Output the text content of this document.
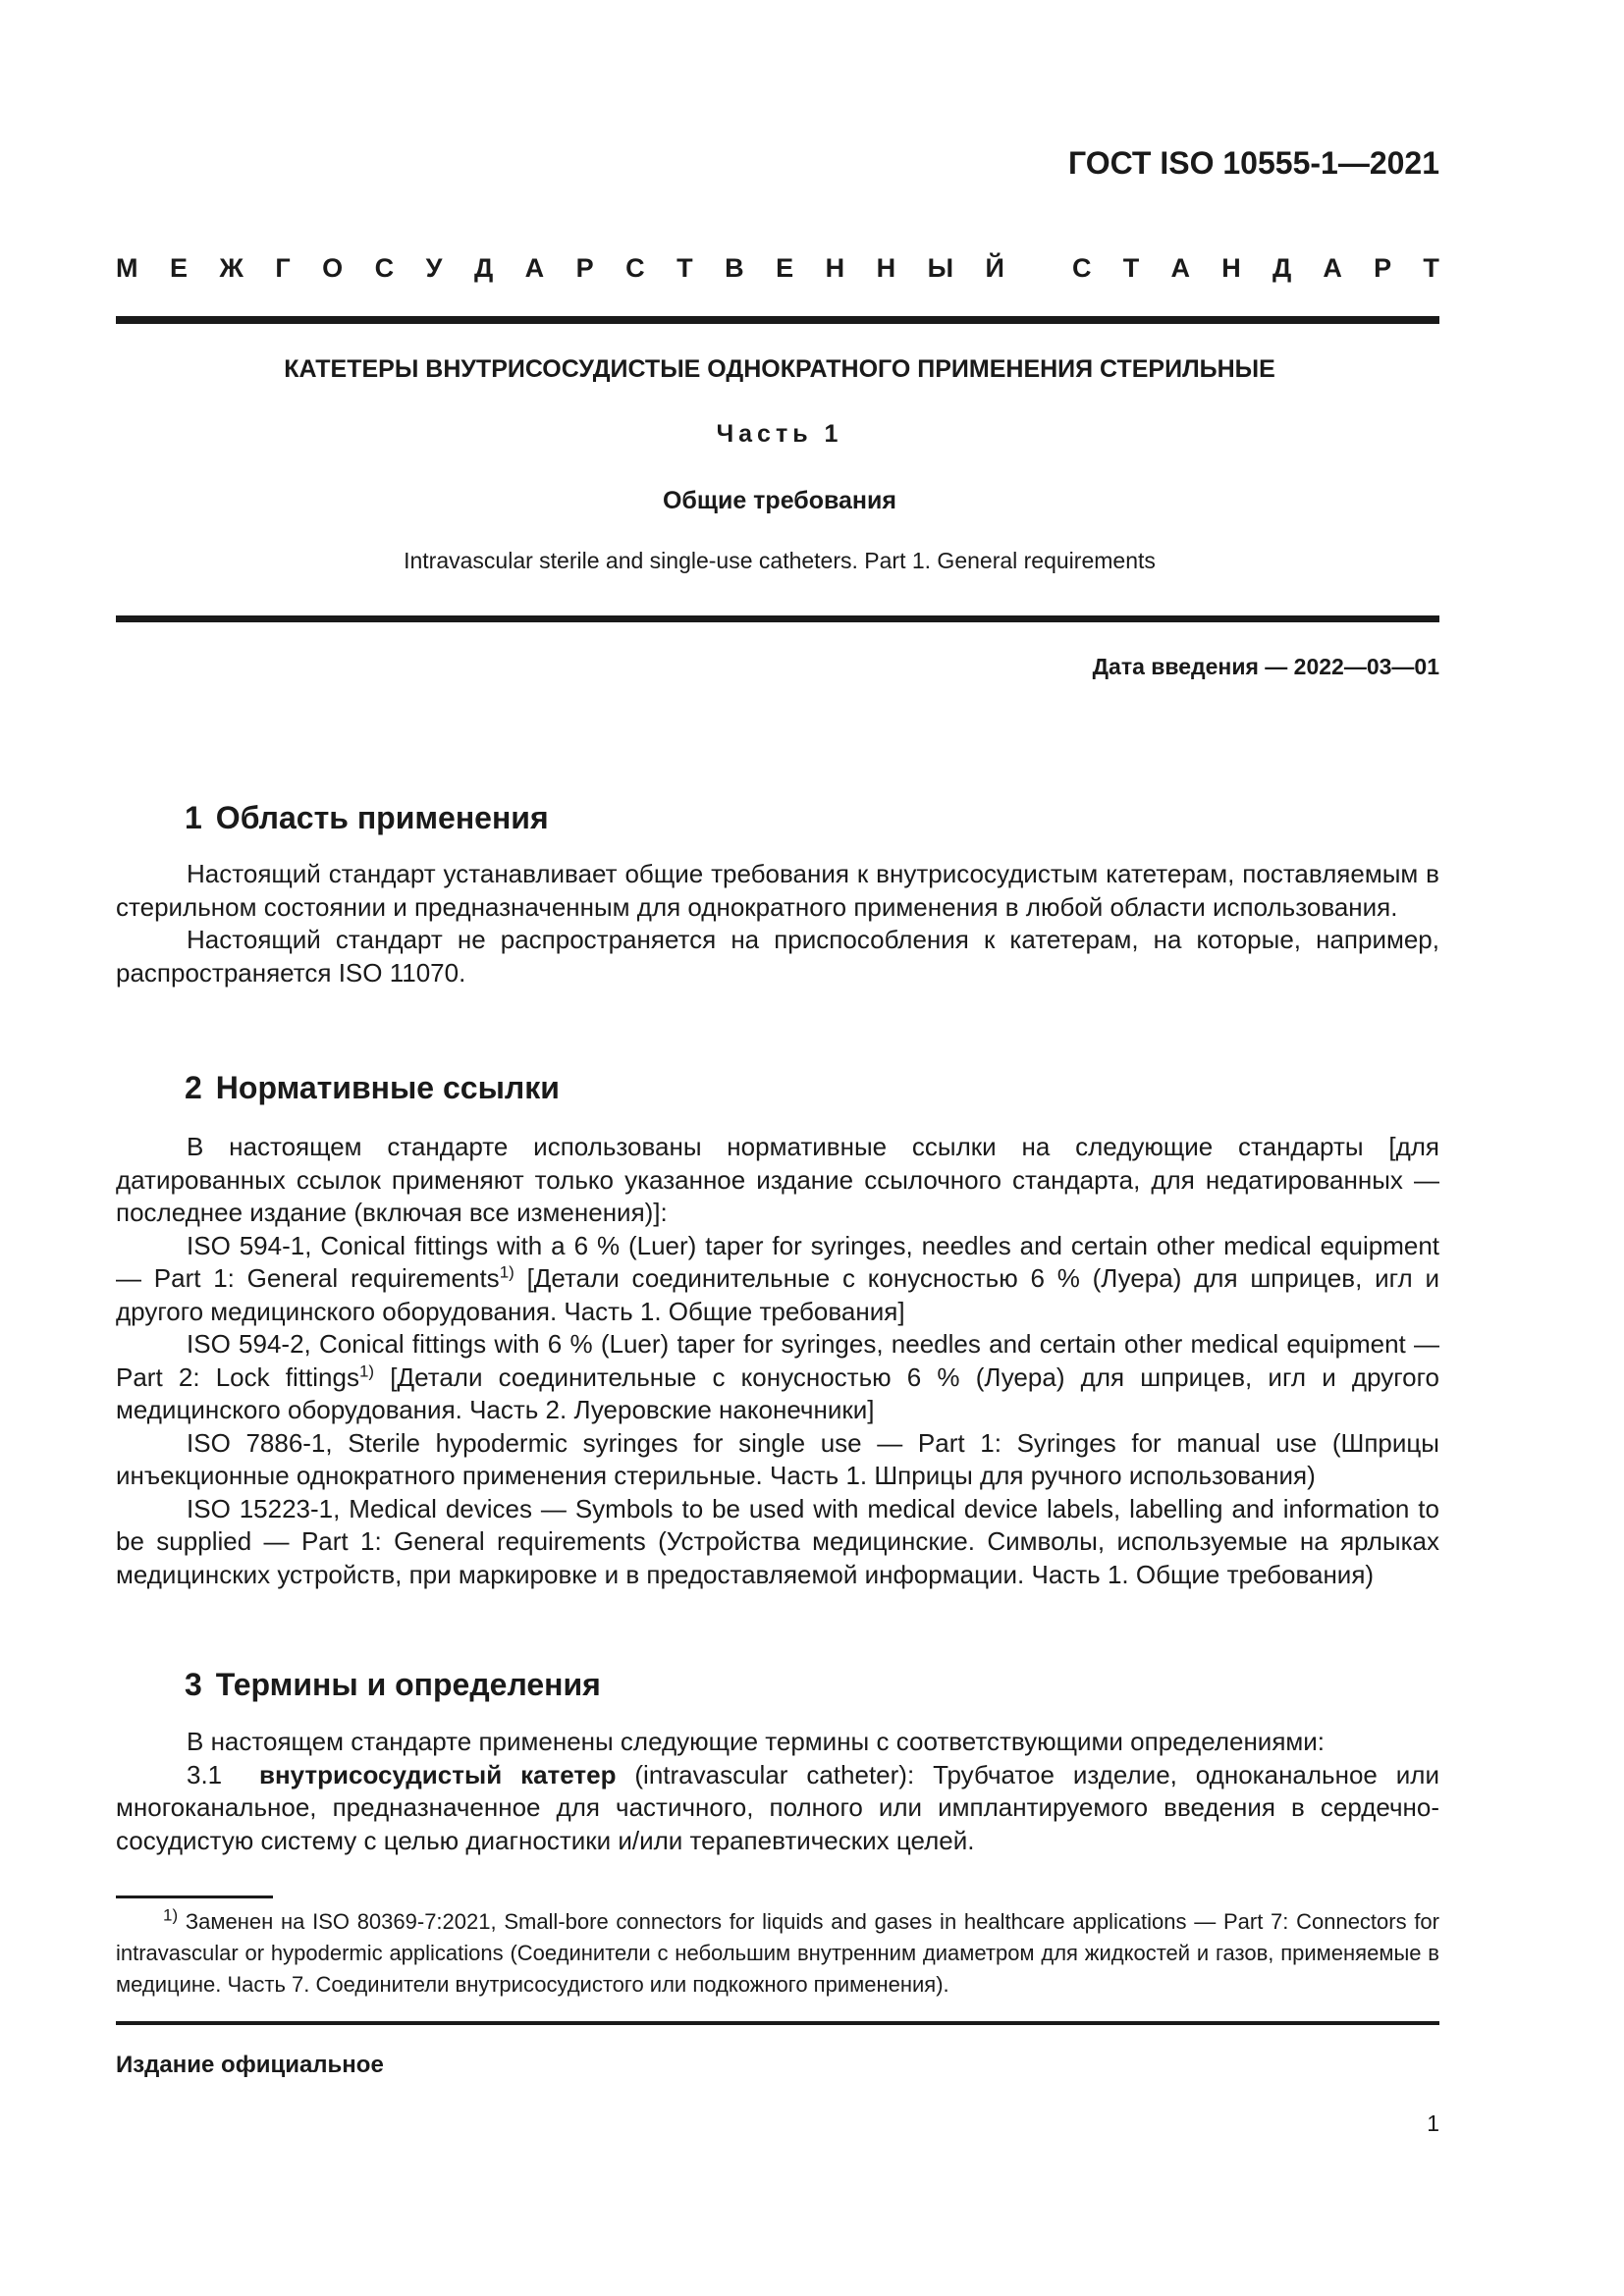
ГОСТ ISO 10555-1—2021
М Е Ж Г О С У Д А Р С Т В Е Н Н Ы Й	С Т А Н Д А Р Т
КАТЕТЕРЫ ВНУТРИСОСУДИСТЫЕ ОДНОКРАТНОГО ПРИМЕНЕНИЯ СТЕРИЛЬНЫЕ
Часть 1
Общие требования
Intravascular sterile and single-use catheters. Part 1. General requirements
Дата введения — 2022—03—01
1 Область применения

Настоящий стандарт устанавливает общие требования к внутрисосудистым катетерам, поставляемым в стерильном состоянии и предназначенным для однократного применения в любой области использования.

Настоящий стандарт не распространяется на приспособления к катетерам, на которые, например, распространяется ISO 11070.

2 Нормативные ссылки

В настоящем стандарте использованы нормативные ссылки на следующие стандарты [для датированных ссылок применяют только указанное издание ссылочного стандарта, для недатированных — последнее издание (включая все изменения)]:

ISO 594-1, Conical fittings with a 6 % (Luer) taper for syringes, needles and certain other medical equipment — Part 1: General requirements$^{1)}$ [Детали соединительные с конусностью 6 % (Луера) для шприцев, игл и другого медицинского оборудования. Часть 1. Общие требования]

ISO 594-2, Conical fittings with 6 % (Luer) taper for syringes, needles and certain other medical equipment — Part 2: Lock fittings$^{1)}$ [Детали соединительные с конусностью 6 % (Луера) для шприцев, игл и другого медицинского оборудования. Часть 2. Луеровские наконечники]

ISO 7886-1, Sterile hypodermic syringes for single use — Part 1: Syringes for manual use (Шприцы инъекционные однократного применения стерильные. Часть 1. Шприцы для ручного использования)

ISO 15223-1, Medical devices — Symbols to be used with medical device labels, labelling and information to be supplied — Part 1: General requirements (Устройства медицинские. Символы, используемые на ярлыках медицинских устройств, при маркировке и в предоставляемой информации. Часть 1. Общие требования)

3 Термины и определения

В настоящем стандарте применены следующие термины с соответствующими определениями:

3.1 внутрисосудистый катетер (intravascular catheter): Трубчатое изделие, одноканальное или многоканальное, предназначенное для частичного, полного или имплантируемого введения в сердечно-сосудистую систему с целью диагностики и/или терапевтических целей.

$^{1)}$ Заменен на ISO 80369-7:2021, Small-bore connectors for liquids and gases in healthcare applications — Part 7: Connectors for intravascular or hypodermic applications (Соединители с небольшим внутренним диаметром для жидкостей и газов, применяемые в медицине. Часть 7. Соединители внутрисосудистого или подкожного применения).

Издание официальное
1
